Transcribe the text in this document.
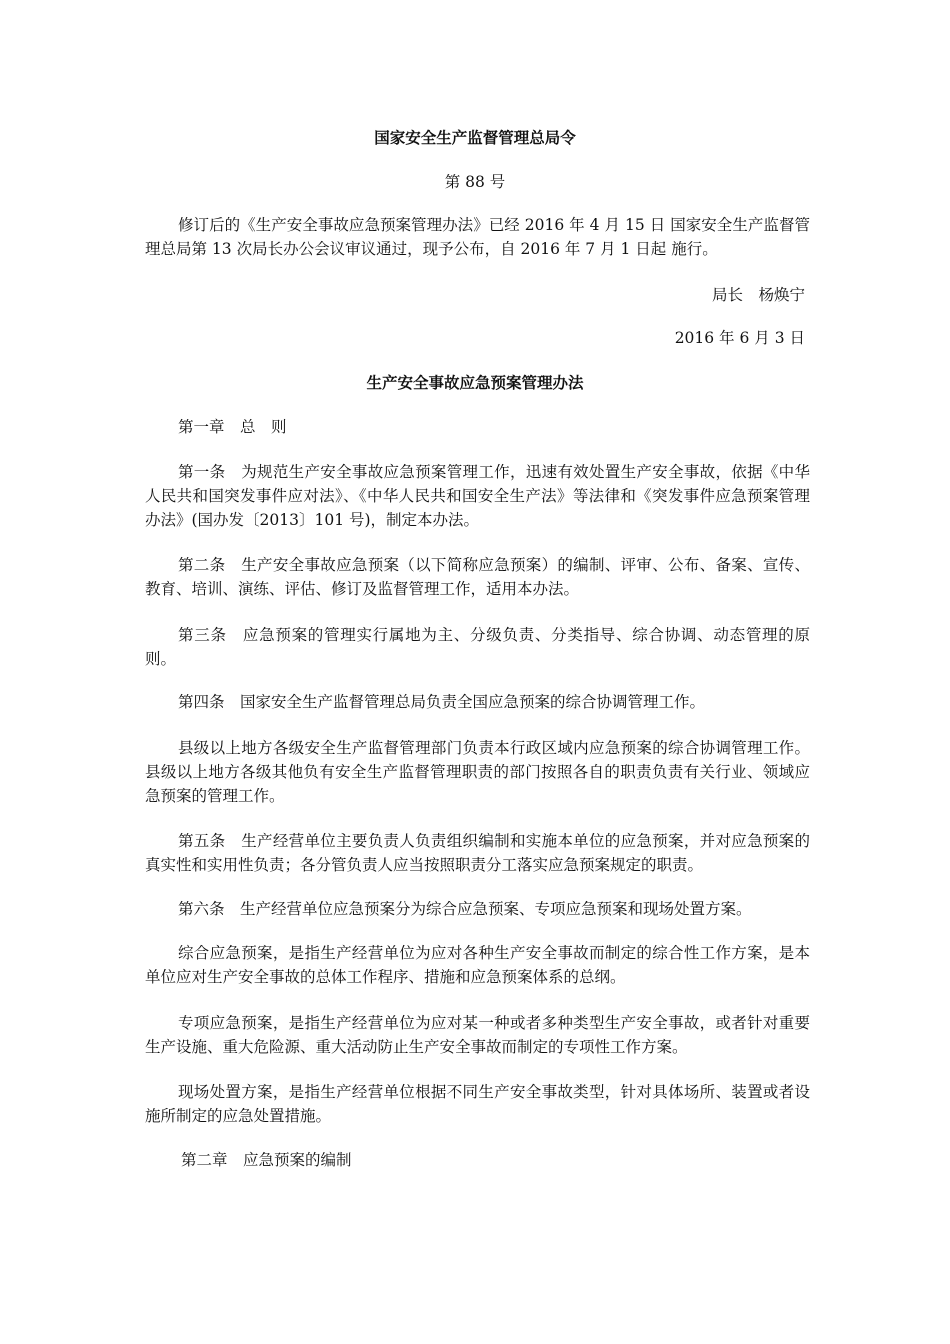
国家安全生产监督管理总局令
第 88 号

修订后的《生产安全事故应急预案管理办法》已经 2016 年 4 月 15 日 国家安全生产监督管理总局第 13 次局长办公会议审议通过，现予公布，自 2016 年 7 月 1 日起 施行。

局长　杨焕宁
2016 年 6 月 3 日
生产安全事故应急预案管理办法
第一章　总　则

第一条　为规范生产安全事故应急预案管理工作，迅速有效处置生产安全事故，依据《中华人民共和国突发事件应对法》、《中华人民共和国安全生产法》等法律和《突发事件应急预案管理办法》(国办发〔2013〕101 号)，制定本办法。

第二条　生产安全事故应急预案（以下简称应急预案）的编制、评审、公布、备案、宣传、教育、培训、演练、评估、修订及监督管理工作，适用本办法。

第三条　应急预案的管理实行属地为主、分级负责、分类指导、综合协调、动态管理的原则。

第四条　国家安全生产监督管理总局负责全国应急预案的综合协调管理工作。

县级以上地方各级安全生产监督管理部门负责本行政区域内应急预案的综合协调管理工作。县级以上地方各级其他负有安全生产监督管理职责的部门按照各自的职责负责有关行业、领域应急预案的管理工作。

第五条　生产经营单位主要负责人负责组织编制和实施本单位的应急预案，并对应急预案的真实性和实用性负责；各分管负责人应当按照职责分工落实应急预案规定的职责。

第六条　生产经营单位应急预案分为综合应急预案、专项应急预案和现场处置方案。

综合应急预案，是指生产经营单位为应对各种生产安全事故而制定的综合性工作方案，是本单位应对生产安全事故的总体工作程序、措施和应急预案体系的总纲。

专项应急预案，是指生产经营单位为应对某一种或者多种类型生产安全事故，或者针对重要生产设施、重大危险源、重大活动防止生产安全事故而制定的专项性工作方案。

现场处置方案，是指生产经营单位根据不同生产安全事故类型，针对具体场所、装置或者设施所制定的应急处置措施。

第二章　应急预案的编制
